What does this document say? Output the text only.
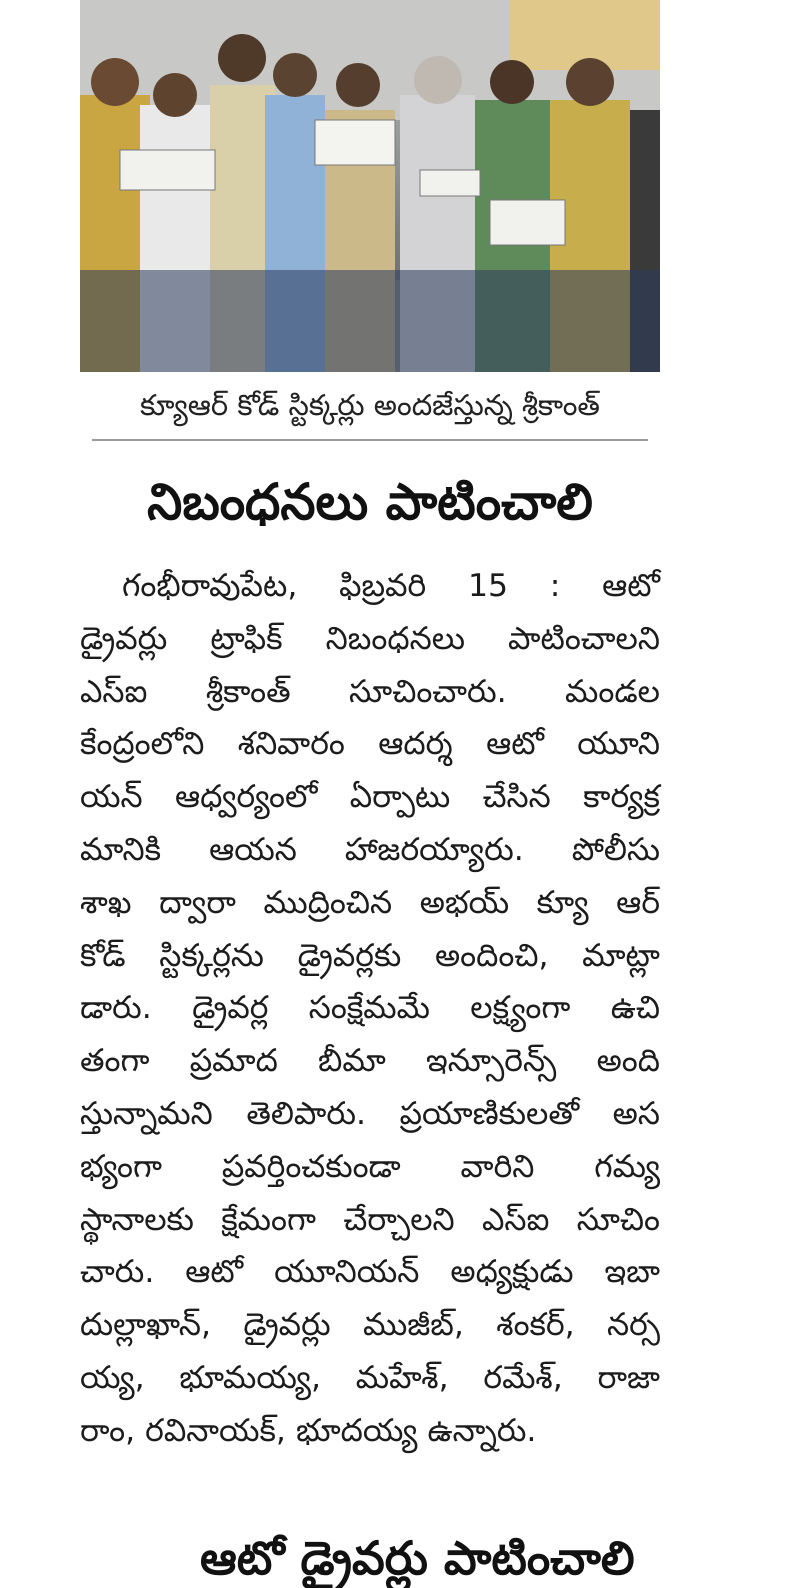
క్యూఆర్ కోడ్ స్టిక్కర్లు అందజేస్తున్న శ్రీకాంత్
నిబంధనలు పాటించాలి
గంభీరావుపేట, ఫిబ్రవరి 15 : ఆటో
డ్రైవర్లు ట్రాఫిక్ నిబంధనలు పాటించాలని
ఎస్ఐ శ్రీకాంత్ సూచించారు. మండల
కేంద్రంలోని శనివారం ఆదర్శ ఆటో యూని
యన్ ఆధ్వర్యంలో ఏర్పాటు చేసిన కార్యక్ర
మానికి ఆయన హాజరయ్యారు. పోలీసు
శాఖ ద్వారా ముద్రించిన అభయ్ క్యూ ఆర్
కోడ్ స్టిక్కర్లను డ్రైవర్లకు అందించి, మాట్లా
డారు. డ్రైవర్ల సంక్షేమమే లక్ష్యంగా ఉచి
తంగా ప్రమాద బీమా ఇన్సూరెన్స్ అంది
స్తున్నామని తెలిపారు. ప్రయాణికులతో అస
భ్యంగా ప్రవర్తించకుండా వారిని గమ్య
స్థానాలకు క్షేమంగా చేర్చాలని ఎస్ఐ సూచిం
చారు. ఆటో యూనియన్ అధ్యక్షుడు ఇబా
దుల్లాఖాన్, డ్రైవర్లు ముజీబ్, శంకర్, నర్స
య్య, భూమయ్య, మహేశ్, రమేశ్, రాజా
రాం, రవినాయక్, భూదయ్య ఉన్నారు.
ఆటో డ్రైవర్లు పాటించాలి
